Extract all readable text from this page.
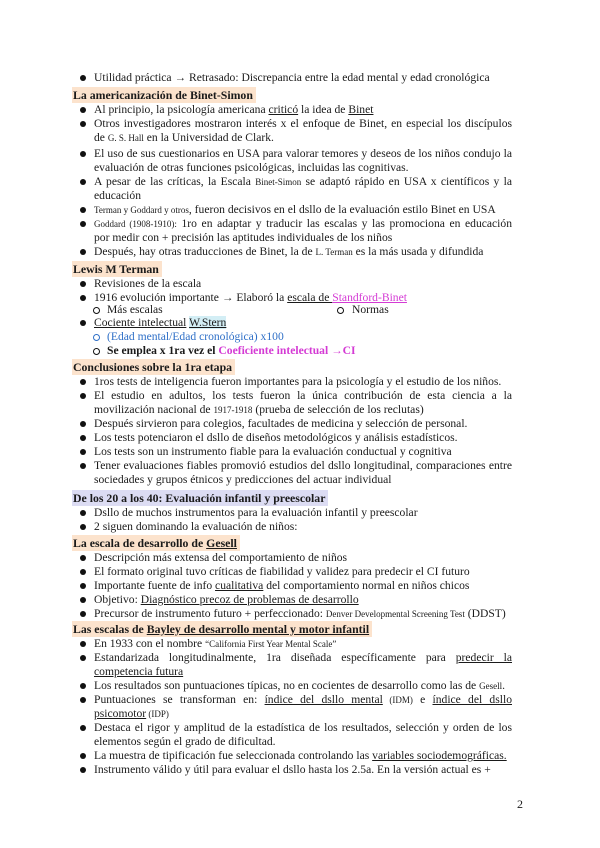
Utilidad práctica → Retrasado: Discrepancia entre la edad mental y edad cronológica
La americanización de Binet-Simon
Al principio, la psicología americana criticó la idea de Binet
Otros investigadores mostraron interés x el enfoque de Binet, en especial los discípulos
de G. S. Hall en la Universidad de Clark.
El uso de sus cuestionarios en USA para valorar temores y deseos de los niños condujo la
evaluación de otras funciones psicológicas, incluidas las cognitivas.
A pesar de las críticas, la Escala Binet-Simon se adaptó rápido en USA x científicos y la
educación
Terman y Goddard y otros, fueron decisivos en el dsllo de la evaluación estilo Binet en USA
Goddard (1908-1910): 1ro en adaptar y traducir las escalas y las promociona en educación
por medir con + precisión las aptitudes individuales de los niños
Después, hay otras traducciones de Binet, la de L. Terman es la más usada y difundida
Lewis M Terman
Revisiones de la escala
1916 evolución importante → Elaboró la escala de Standford-Binet
Más escalas	Normas
Cociente intelectual W.Stern
(Edad mental/Edad cronológica) x100
Se emplea x 1ra vez el Coeficiente intelectual →CI
Conclusiones sobre la 1ra etapa
1ros tests de inteligencia fueron importantes para la psicología y el estudio de los niños.
El estudio en adultos, los tests fueron la única contribución de esta ciencia a la
movilización nacional de 1917-1918 (prueba de selección de los reclutas)
Después sirvieron para colegios, facultades de medicina y selección de personal.
Los tests potenciaron el dsllo de diseños metodológicos y análisis estadísticos.
Los tests son un instrumento fiable para la evaluación conductual y cognitiva
Tener evaluaciones fiables promovió estudios del dsllo longitudinal, comparaciones entre
sociedades y grupos étnicos y predicciones del actuar individual
De los 20 a los 40: Evaluación infantil y preescolar
Dsllo de muchos instrumentos para la evaluación infantil y preescolar
2 siguen dominando la evaluación de niños:
La escala de desarrollo de Gesell
Descripción más extensa del comportamiento de niños
El formato original tuvo críticas de fiabilidad y validez para predecir el CI futuro
Importante fuente de info cualitativa del comportamiento normal en niños chicos
Objetivo: Diagnóstico precoz de problemas de desarrollo
Precursor de instrumento futuro + perfeccionado: Denver Developmental Screening Test (DDST)
Las escalas de Bayley de desarrollo mental y motor infantil
En 1933 con el nombre “California First Year Mental Scale”
Estandarizada longitudinalmente, 1ra diseñada específicamente para predecir la
competencia futura
Los resultados son puntuaciones típicas, no en cocientes de desarrollo como las de Gesell.
Puntuaciones se transforman en: índice del dsllo mental (IDM) e índice del dsllo
psicomotor (IDP)
Destaca el rigor y amplitud de la estadística de los resultados, selección y orden de los
elementos según el grado de dificultad.
La muestra de tipificación fue seleccionada controlando las variables sociodemográficas.
Instrumento válido y útil para evaluar el dsllo hasta los 2.5a. En la versión actual es +
2
